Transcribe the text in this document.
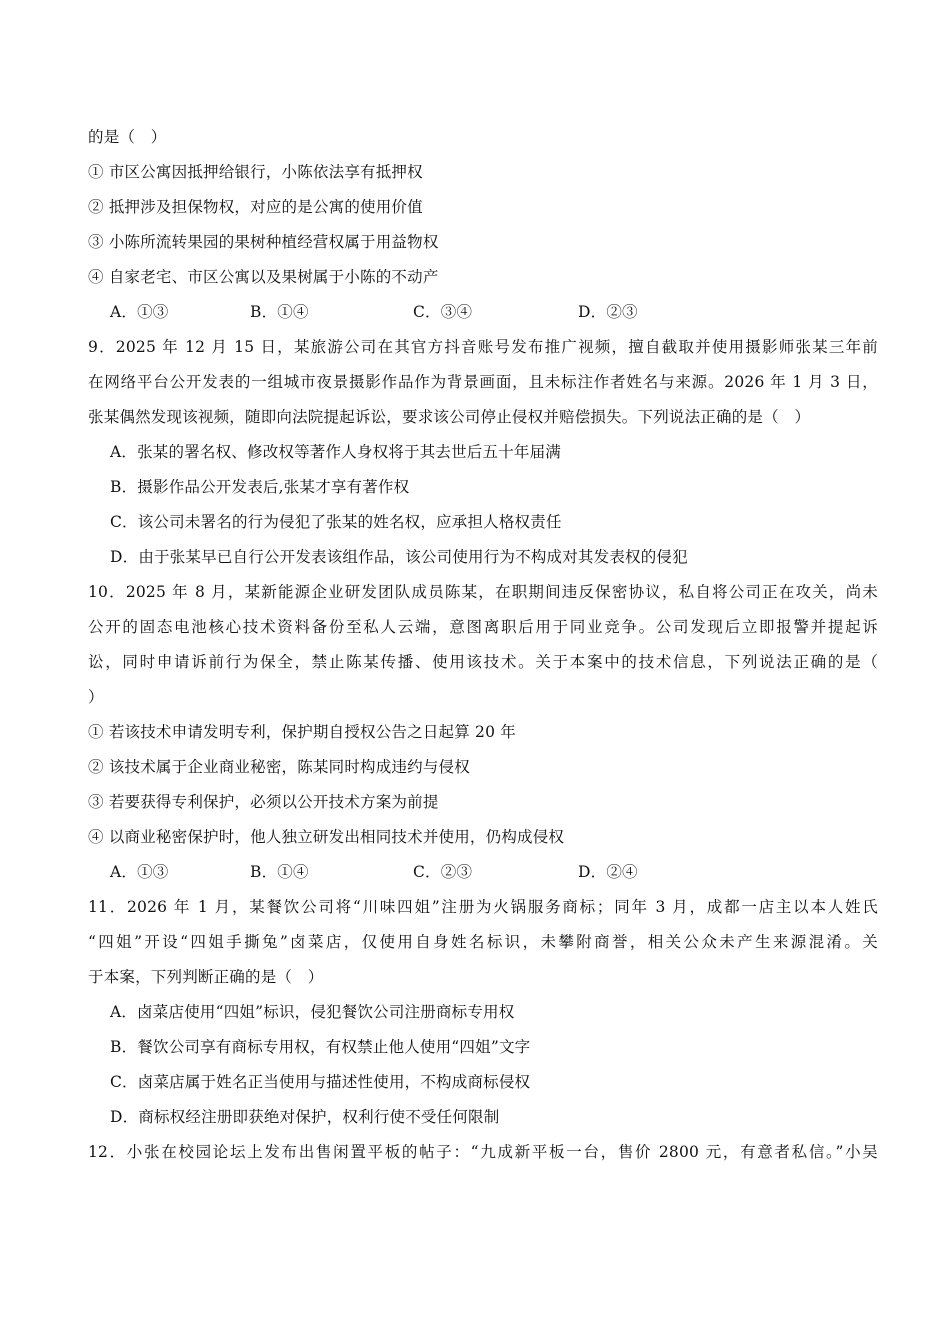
的是（　）
① 市区公寓因抵押给银行，小陈依法享有抵押权
② 抵押涉及担保物权，对应的是公寓的使用价值
③ 小陈所流转果园的果树种植经营权属于用益物权
④ 自家老宅、市区公寓以及果树属于小陈的不动产
A．①③	B．①④	C．③④	D．②③
9．2025 年 12 月 15 日，某旅游公司在其官方抖音账号发布推广视频，擅自截取并使用摄影师张某三年前
在网络平台公开发表的一组城市夜景摄影作品作为背景画面，且未标注作者姓名与来源。2026 年 1 月 3 日，
张某偶然发现该视频，随即向法院提起诉讼，要求该公司停止侵权并赔偿损失。下列说法正确的是（　）
A．张某的署名权、修改权等著作人身权将于其去世后五十年届满
B．摄影作品公开发表后,张某才享有著作权
C．该公司未署名的行为侵犯了张某的姓名权，应承担人格权责任
D．由于张某早已自行公开发表该组作品，该公司使用行为不构成对其发表权的侵犯
10．2025 年 8 月，某新能源企业研发团队成员陈某，在职期间违反保密协议，私自将公司正在攻关，尚未
公开的固态电池核心技术资料备份至私人云端，意图离职后用于同业竞争。公司发现后立即报警并提起诉
讼，同时申请诉前行为保全，禁止陈某传播、使用该技术。关于本案中的技术信息，下列说法正确的是（
）
① 若该技术申请发明专利，保护期自授权公告之日起算 20 年
② 该技术属于企业商业秘密，陈某同时构成违约与侵权
③ 若要获得专利保护，必须以公开技术方案为前提
④ 以商业秘密保护时，他人独立研发出相同技术并使用，仍构成侵权
A．①③	B．①④	C．②③	D．②④
11．2026 年 1 月，某餐饮公司将“川味四姐”注册为火锅服务商标；同年 3 月，成都一店主以本人姓氏
“四姐”开设“四姐手撕兔”卤菜店，仅使用自身姓名标识，未攀附商誉，相关公众未产生来源混淆。关
于本案，下列判断正确的是（　）
A．卤菜店使用“四姐”标识，侵犯餐饮公司注册商标专用权
B．餐饮公司享有商标专用权，有权禁止他人使用“四姐”文字
C．卤菜店属于姓名正当使用与描述性使用，不构成商标侵权
D．商标权经注册即获绝对保护，权利行使不受任何限制
12．小张在校园论坛上发布出售闲置平板的帖子：“九成新平板一台，售价 2800 元，有意者私信。”小吴
